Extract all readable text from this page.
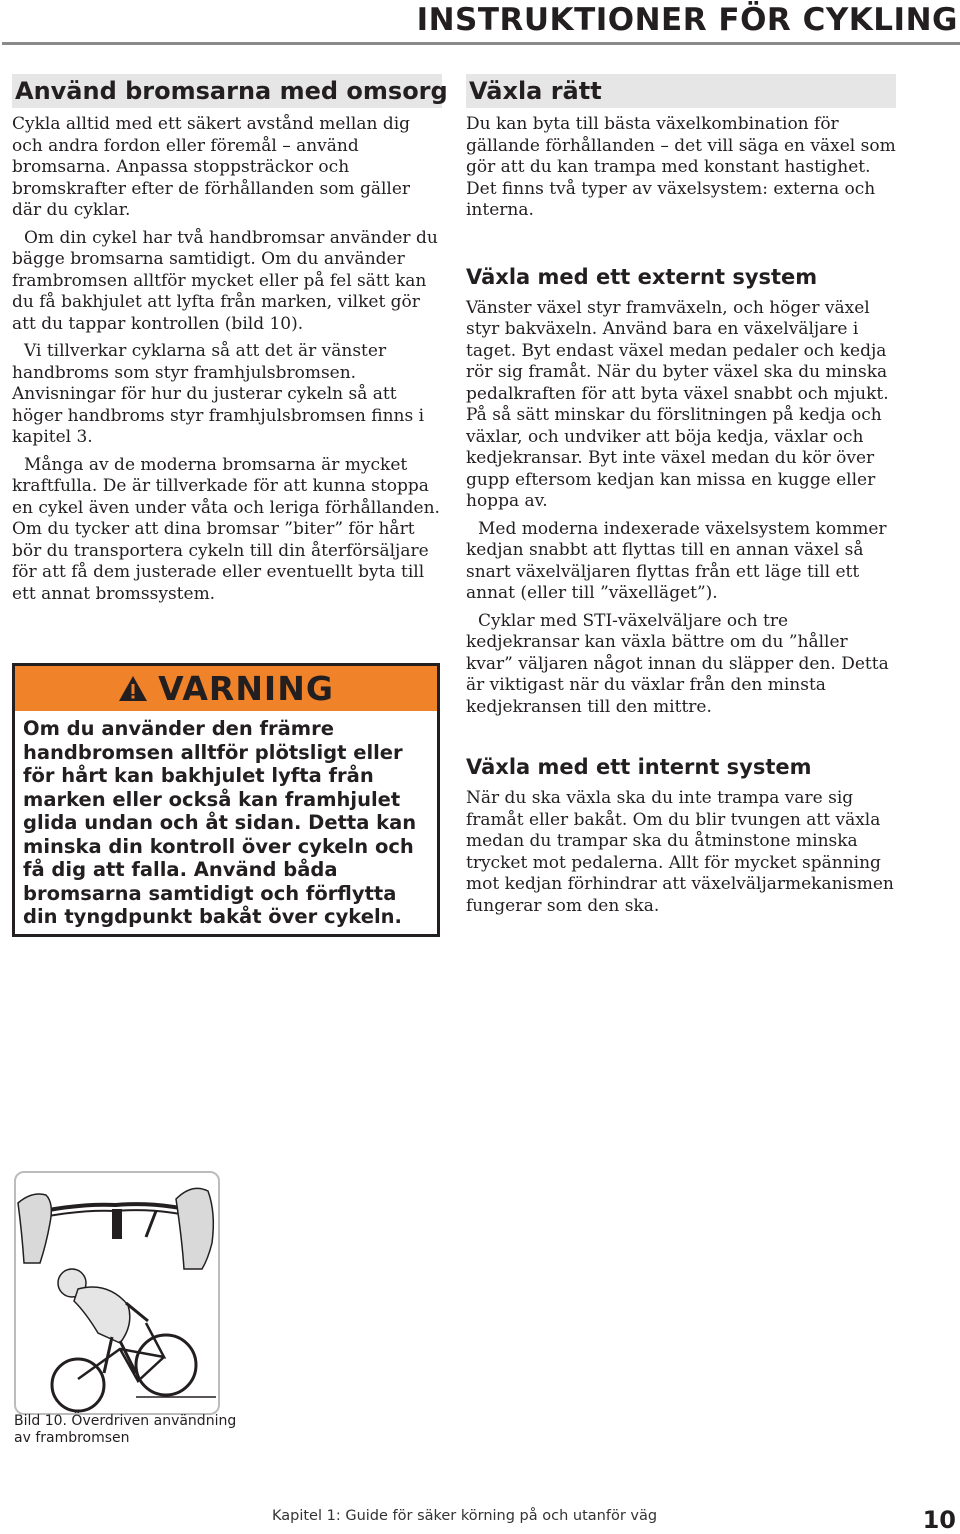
INSTRUKTIONER FÖR CYKLING
Använd bromsarna med omsorg

Cykla alltid med ett säkert avstånd mellan dig och andra fordon eller föremål – använd bromsarna. Anpassa stoppsträckor och bromskrafter efter de förhållanden som gäller där du cyklar.

Om din cykel har två handbromsar använder du bägge bromsarna samtidigt. Om du använder frambromsen alltför mycket eller på fel sätt kan du få bakhjulet att lyfta från marken, vilket gör att du tappar kontrollen (bild 10).

Vi tillverkar cyklarna så att det är vänster handbroms som styr framhjulsbromsen. Anvisningar för hur du justerar cykeln så att höger handbroms styr framhjulsbromsen finns i kapitel 3.

Många av de moderna bromsarna är mycket kraftfulla. De är tillverkade för att kunna stoppa en cykel även under våta och leriga förhållanden. Om du tycker att dina bromsar ”biter” för hårt bör du transportera cykeln till din återförsäljare för att få dem justerade eller eventuellt byta till ett annat bromssystem.

VARNING
Om du använder den främre handbromsen alltför plötsligt eller för hårt kan bakhjulet lyfta från marken eller också kan framhjulet glida undan och åt sidan. Detta kan minska din kontroll över cykeln och få dig att falla. Använd båda bromsarna samtidigt och förflytta din tyngdpunkt bakåt över cykeln.
Växla rätt

Du kan byta till bästa växelkombination för gällande förhållanden – det vill säga en växel som gör att du kan trampa med konstant hastighet. Det finns två typer av växelsystem: externa och interna.

Växla med ett externt system

Vänster växel styr framväxeln, och höger växel styr bakväxeln. Använd bara en växelväljare i taget. Byt endast växel medan pedaler och kedja rör sig framåt. När du byter växel ska du minska pedalkraften för att byta växel snabbt och mjukt. På så sätt minskar du förslitningen på kedja och växlar, och undviker att böja kedja, växlar och kedjekransar. Byt inte växel medan du kör över gupp eftersom kedjan kan missa en kugge eller hoppa av.

Med moderna indexerade växelsystem kommer kedjan snabbt att flyttas till en annan växel så snart växelväljaren flyttas från ett läge till ett annat (eller till ”växelläget”).

Cyklar med STI-växelväljare och tre kedjekransar kan växla bättre om du ”håller kvar” väljaren något innan du släpper den. Detta är viktigast när du växlar från den minsta kedjekransen till den mittre.

Växla med ett internt system

När du ska växla ska du inte trampa vare sig framåt eller bakåt. Om du blir tvungen att växla medan du trampar ska du åtminstone minska trycket mot pedalerna. Allt för mycket spänning mot kedjan förhindrar att växelväljarmekanismen fungerar som den ska.

Bild 10. Överdriven användning av frambromsen
Kapitel 1: Guide för säker körning på och utanför väg	10
